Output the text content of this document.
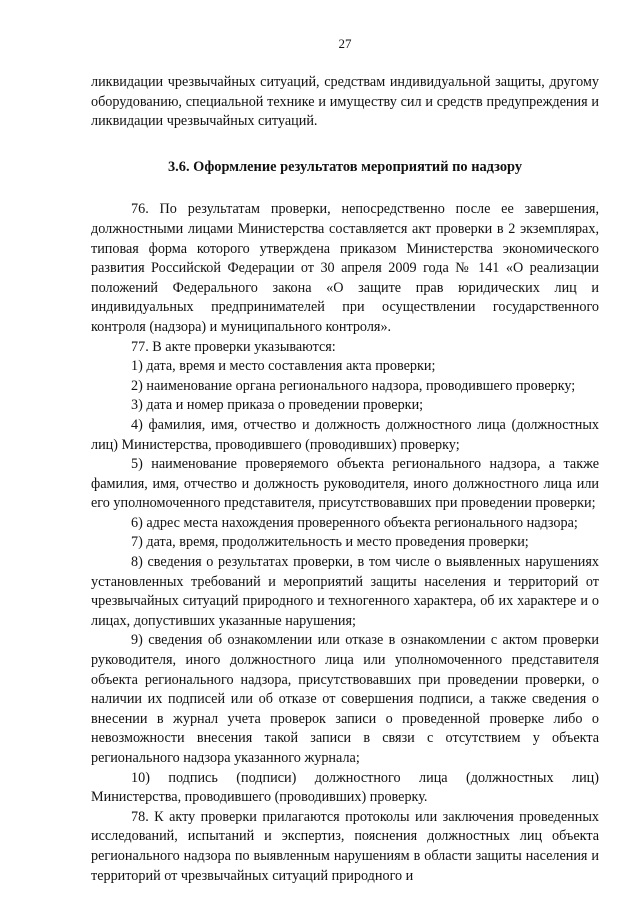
27

ликвидации чрезвычайных ситуаций, средствам индивидуальной защиты, другому оборудованию, специальной технике и имуществу сил и средств предупреждения и ликвидации чрезвычайных ситуаций.

3.6. Оформление результатов мероприятий по надзору

76. По результатам проверки, непосредственно после ее завершения, должностными лицами Министерства составляется акт проверки в 2 экземплярах, типовая форма которого утверждена приказом Министерства экономического развития Российской Федерации от 30 апреля 2009 года № 141 «О реализации положений Федерального закона «О защите прав юридических лиц и индивидуальных предпринимателей при осуществлении государственного контроля (надзора) и муниципального контроля».

77. В акте проверки указываются:

1) дата, время и место составления акта проверки;

2) наименование органа регионального надзора, проводившего проверку;

3) дата и номер приказа о проведении проверки;

4) фамилия, имя, отчество и должность должностного лица (должностных лиц) Министерства, проводившего (проводивших) проверку;

5) наименование проверяемого объекта регионального надзора, а также фамилия, имя, отчество и должность руководителя, иного должностного лица или его уполномоченного представителя, присутствовавших при проведении проверки;

6) адрес места нахождения проверенного объекта регионального надзора;

7) дата, время, продолжительность и место проведения проверки;

8) сведения о результатах проверки, в том числе о выявленных нарушениях установленных требований и мероприятий защиты населения и территорий от чрезвычайных ситуаций природного и техногенного характера, об их характере и о лицах, допустивших указанные нарушения;

9) сведения об ознакомлении или отказе в ознакомлении с актом проверки руководителя, иного должностного лица или уполномоченного представителя объекта регионального надзора, присутствовавших при проведении проверки, о наличии их подписей или об отказе от совершения подписи, а также сведения о внесении в журнал учета проверок записи о проведенной проверке либо о невозможности внесения такой записи в связи с отсутствием у объекта регионального надзора указанного журнала;

10) подпись (подписи) должностного лица (должностных лиц) Министерства, проводившего (проводивших) проверку.

78. К акту проверки прилагаются протоколы или заключения проведенных исследований, испытаний и экспертиз, пояснения должностных лиц объекта регионального надзора по выявленным нарушениям в области защиты населения и территорий от чрезвычайных ситуаций природного и
